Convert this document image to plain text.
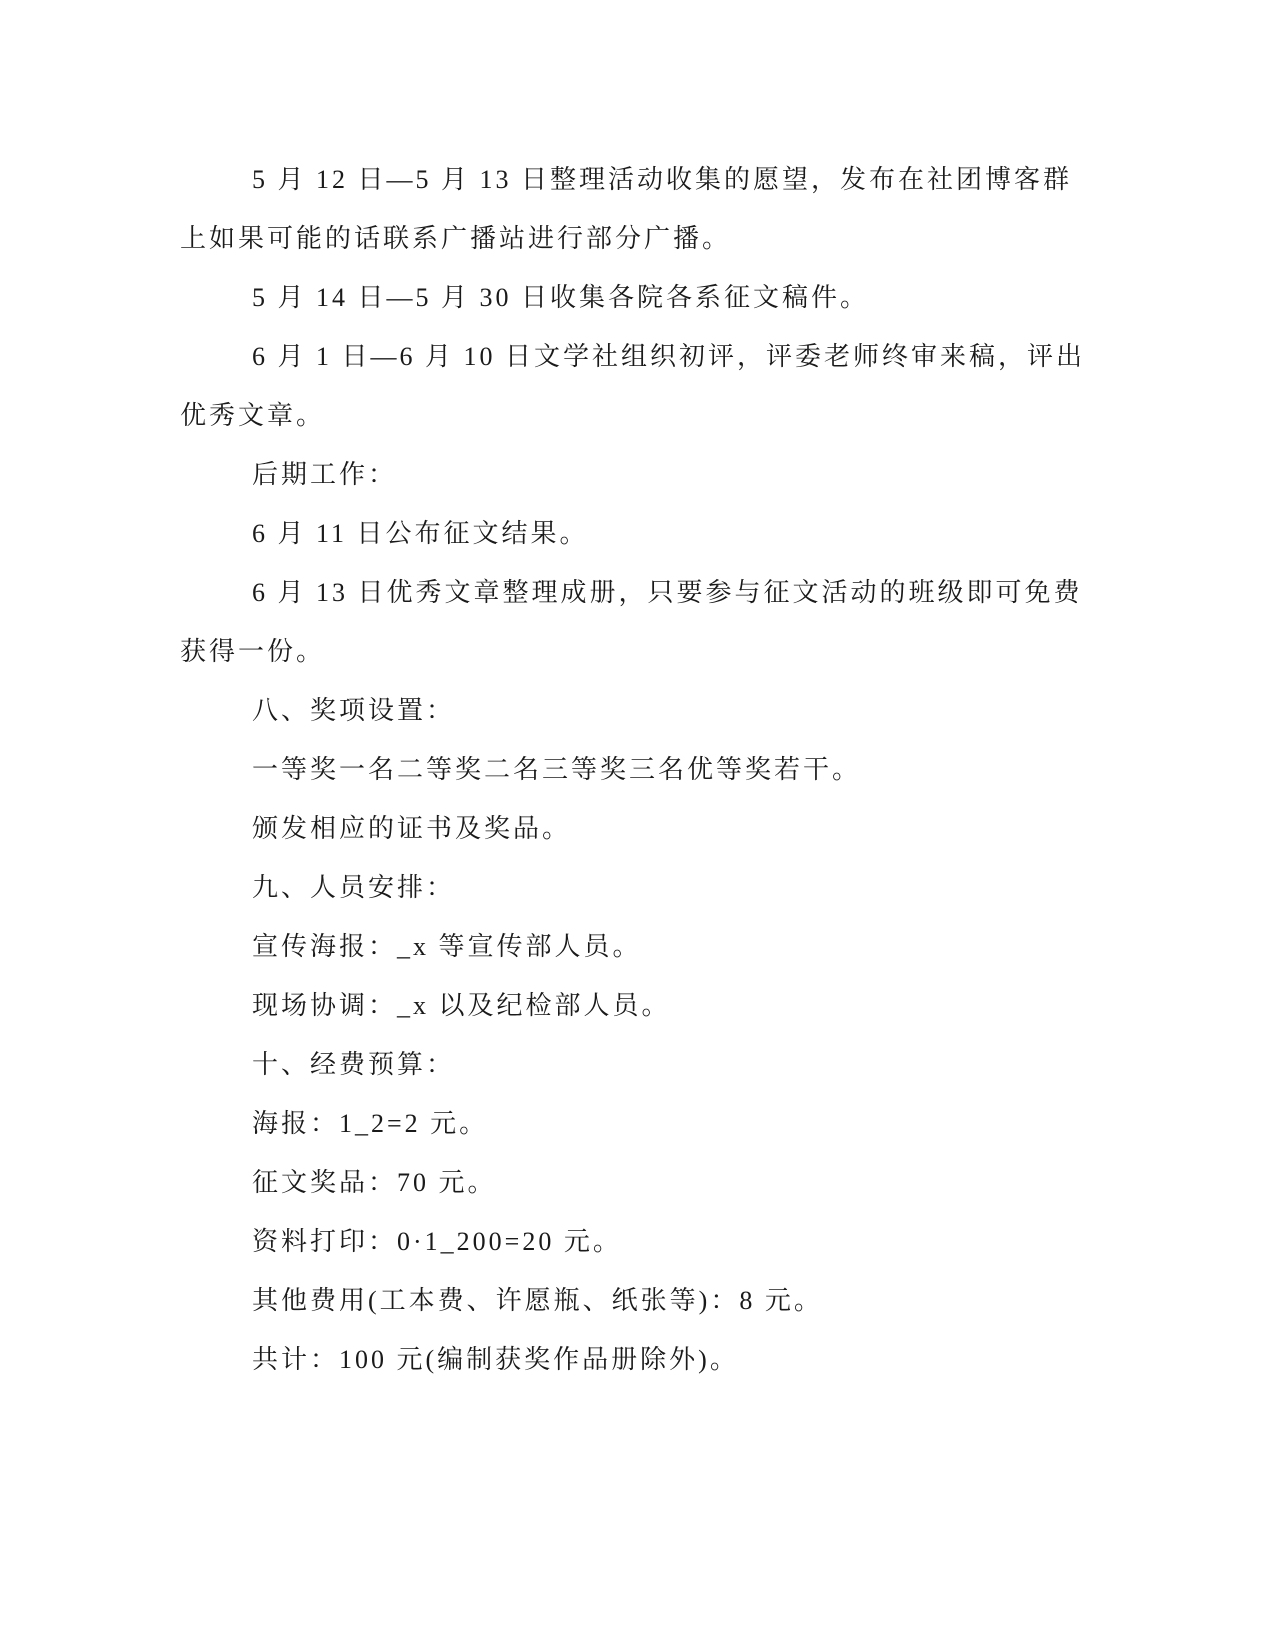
5 月 12 日—5 月 13 日整理活动收集的愿望，发布在社团博客群

上如果可能的话联系广播站进行部分广播。

5 月 14 日—5 月 30 日收集各院各系征文稿件。

6 月 1 日—6 月 10 日文学社组织初评，评委老师终审来稿，评出

优秀文章。

后期工作：

6 月 11 日公布征文结果。

6 月 13 日优秀文章整理成册，只要参与征文活动的班级即可免费

获得一份。

八、奖项设置：

一等奖一名二等奖二名三等奖三名优等奖若干。

颁发相应的证书及奖品。

九、人员安排：

宣传海报：_x 等宣传部人员。

现场协调：_x 以及纪检部人员。

十、经费预算：

海报：1_2=2 元。

征文奖品：70 元。

资料打印：0·1_200=20 元。

其他费用(工本费、许愿瓶、纸张等)：8 元。

共计：100 元(编制获奖作品册除外)。
